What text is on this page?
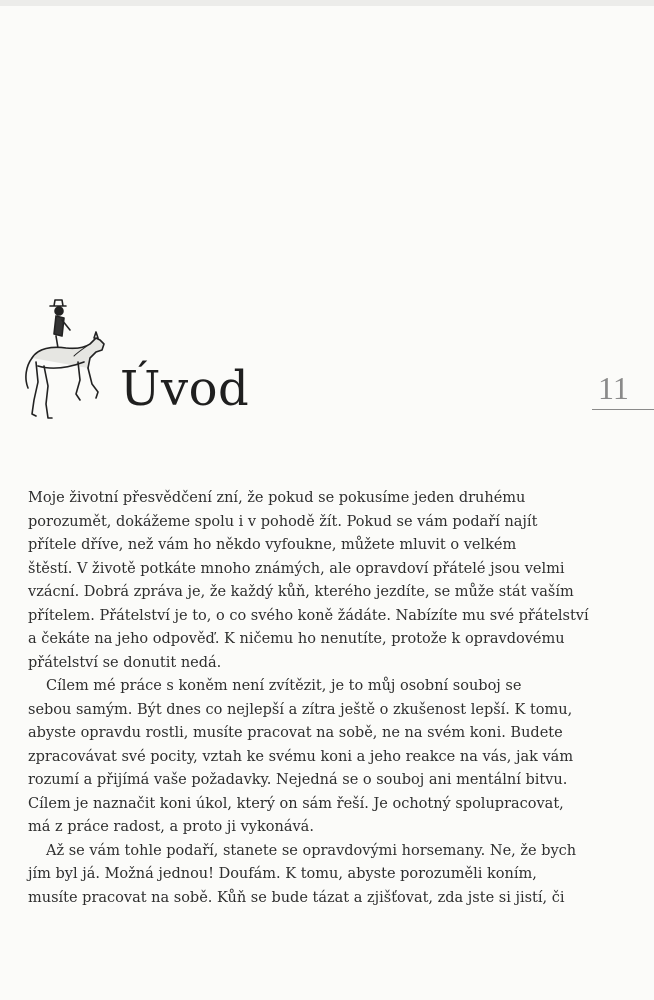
Úvod	11

Moje životní přesvědčení zní, že pokud se pokusíme jeden druhému
porozumět, dokážeme spolu i v pohodě žít. Pokud se vám podaří najít
přítele dříve, než vám ho někdo vyfoukne, můžete mluvit o velkém
štěstí. V životě potkáte mnoho známých, ale opravdoví přátelé jsou velmi
vzácní. Dobrá zpráva je, že každý kůň, kterého jezdíte, se může stát vaším
přítelem. Přátelství je to, o co svého koně žádáte. Nabízíte mu své přátelství
a čekáte na jeho odpověď. K ničemu ho nenutíte, protože k opravdovému
přátelství se donutit nedá.

Cílem mé práce s koněm není zvítězit, je to můj osobní souboj se
sebou samým. Být dnes co nejlepší a zítra ještě o zkušenost lepší. K tomu,
abyste opravdu rostli, musíte pracovat na sobě, ne na svém koni. Budete
zpracovávat své pocity, vztah ke svému koni a jeho reakce na vás, jak vám
rozumí a přijímá vaše požadavky. Nejedná se o souboj ani mentální bitvu.
Cílem je naznačit koni úkol, který on sám řeší. Je ochotný spolupracovat,
má z práce radost, a proto ji vykonává.

Až se vám tohle podaří, stanete se opravdovými horsemany. Ne, že bych
jím byl já. Možná jednou! Doufám. K tomu, abyste porozuměli koním,
musíte pracovat na sobě. Kůň se bude tázat a zjišťovat, zda jste si jistí, či
